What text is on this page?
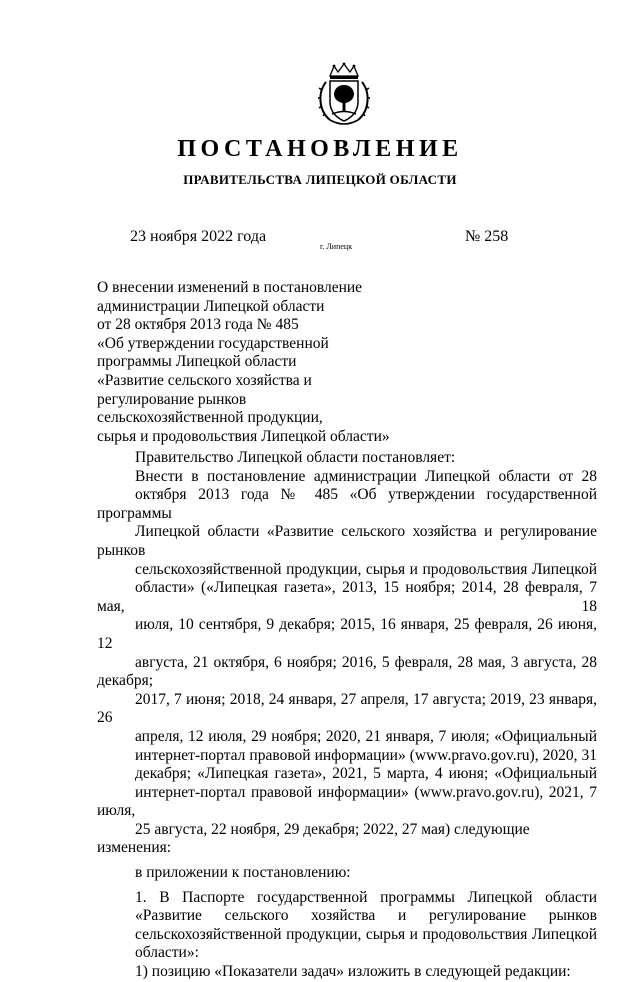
ПОСТАНОВЛЕНИЕ
ПРАВИТЕЛЬСТВА ЛИПЕЦКОЙ ОБЛАСТИ
23 ноября 2022 года
г. Липецк
№ 258
О внесении изменений в постановление
администрации Липецкой области
от 28 октября 2013 года № 485
«Об утверждении государственной
программы Липецкой области
«Развитие сельского хозяйства и
регулирование рынков
сельскохозяйственной продукции,
сырья и продовольствия Липецкой области»

Правительство Липецкой области постановляет:

Внести в постановление администрации Липецкой области от 28
октября 2013 года № 485 «Об утверждении государственной программы
Липецкой области «Развитие сельского хозяйства и регулирование рынков
сельскохозяйственной продукции, сырья и продовольствия Липецкой
области» («Липецкая газета», 2013, 15 ноября; 2014, 28 февраля, 7 мая, 18
июля, 10 сентября, 9 декабря; 2015, 16 января, 25 февраля, 26 июня, 12
августа, 21 октября, 6 ноября; 2016, 5 февраля, 28 мая, 3 августа, 28 декабря;
2017, 7 июня; 2018, 24 января, 27 апреля, 17 августа; 2019, 23 января, 26
апреля, 12 июля, 29 ноября; 2020, 21 января, 7 июля; «Официальный
интернет-портал правовой информации» (www.pravo.gov.ru), 2020, 31
декабря; «Липецкая газета», 2021, 5 марта, 4 июня; «Официальный
интернет-портал правовой информации» (www.pravo.gov.ru), 2021, 7 июля,
25 августа, 22 ноября, 29 декабря; 2022, 27 мая) следующие изменения:

в приложении к постановлению:

1. В Паспорте государственной программы Липецкой области
«Развитие сельского хозяйства и регулирование рынков
сельскохозяйственной продукции, сырья и продовольствия Липецкой
области»:

1) позицию «Показатели задач» изложить в следующей редакции:
